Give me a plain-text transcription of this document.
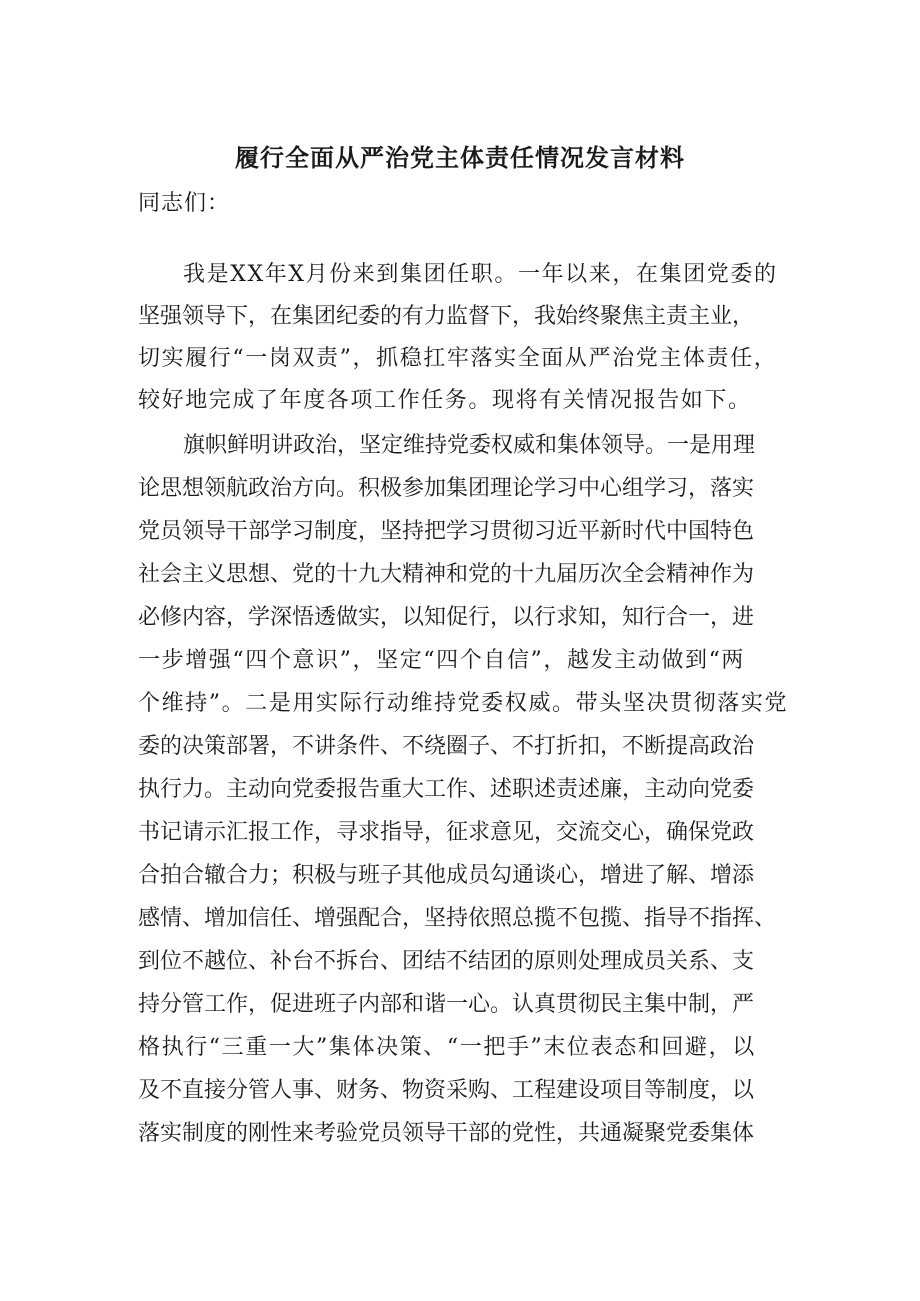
履行全面从严治党主体责任情况发言材料

同志们：

我是XX年X月份来到集团任职。一年以来，在集团党委的

坚强领导下，在集团纪委的有力监督下，我始终聚焦主责主业，

切实履行“一岗双责”，抓稳扛牢落实全面从严治党主体责任，

较好地完成了年度各项工作任务。现将有关情况报告如下。

旗帜鲜明讲政治，坚定维持党委权威和集体领导。一是用理

论思想领航政治方向。积极参加集团理论学习中心组学习，落实

党员领导干部学习制度，坚持把学习贯彻习近平新时代中国特色

社会主义思想、党的十九大精神和党的十九届历次全会精神作为

必修内容，学深悟透做实，以知促行，以行求知，知行合一，进

一步增强“四个意识”，坚定“四个自信”，越发主动做到“两

个维持”。二是用实际行动维持党委权威。带头坚决贯彻落实党

委的决策部署，不讲条件、不绕圈子、不打折扣，不断提高政治

执行力。主动向党委报告重大工作、述职述责述廉，主动向党委

书记请示汇报工作，寻求指导，征求意见，交流交心，确保党政

合拍合辙合力；积极与班子其他成员勾通谈心，增进了解、增添

感情、增加信任、增强配合，坚持依照总揽不包揽、指导不指挥、

到位不越位、补台不拆台、团结不结团的原则处理成员关系、支

持分管工作，促进班子内部和谐一心。认真贯彻民主集中制，严

格执行“三重一大”集体决策、“一把手”末位表态和回避，以

及不直接分管人事、财务、物资采购、工程建设项目等制度，以

落实制度的刚性来考验党员领导干部的党性，共通凝聚党委集体
